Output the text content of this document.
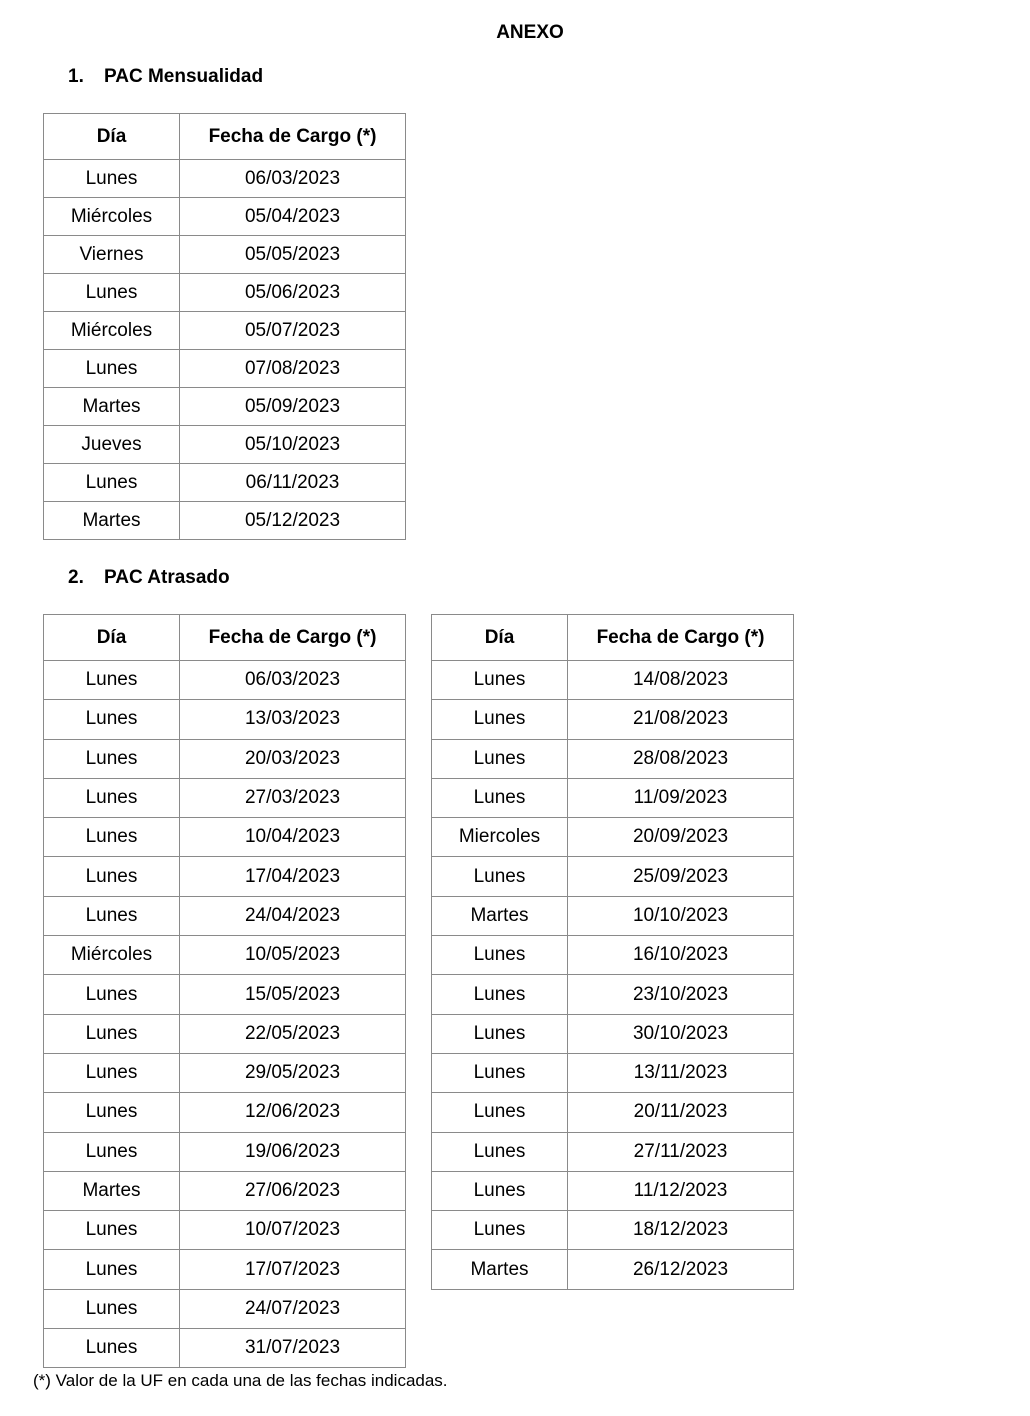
ANEXO
1. PAC Mensualidad
Día	Fecha de Cargo (*)
Lunes	06/03/2023
Miércoles	05/04/2023
Viernes	05/05/2023
Lunes	05/06/2023
Miércoles	05/07/2023
Lunes	07/08/2023
Martes	05/09/2023
Jueves	05/10/2023
Lunes	06/11/2023
Martes	05/12/2023
2. PAC Atrasado
Día	Fecha de Cargo (*)
Lunes	06/03/2023
Lunes	13/03/2023
Lunes	20/03/2023
Lunes	27/03/2023
Lunes	10/04/2023
Lunes	17/04/2023
Lunes	24/04/2023
Miércoles	10/05/2023
Lunes	15/05/2023
Lunes	22/05/2023
Lunes	29/05/2023
Lunes	12/06/2023
Lunes	19/06/2023
Martes	27/06/2023
Lunes	10/07/2023
Lunes	17/07/2023
Lunes	24/07/2023
Lunes	31/07/2023
Día	Fecha de Cargo (*)
Lunes	14/08/2023
Lunes	21/08/2023
Lunes	28/08/2023
Lunes	11/09/2023
Miercoles	20/09/2023
Lunes	25/09/2023
Martes	10/10/2023
Lunes	16/10/2023
Lunes	23/10/2023
Lunes	30/10/2023
Lunes	13/11/2023
Lunes	20/11/2023
Lunes	27/11/2023
Lunes	11/12/2023
Lunes	18/12/2023
Martes	26/12/2023
(*) Valor de la UF en cada una de las fechas indicadas.
